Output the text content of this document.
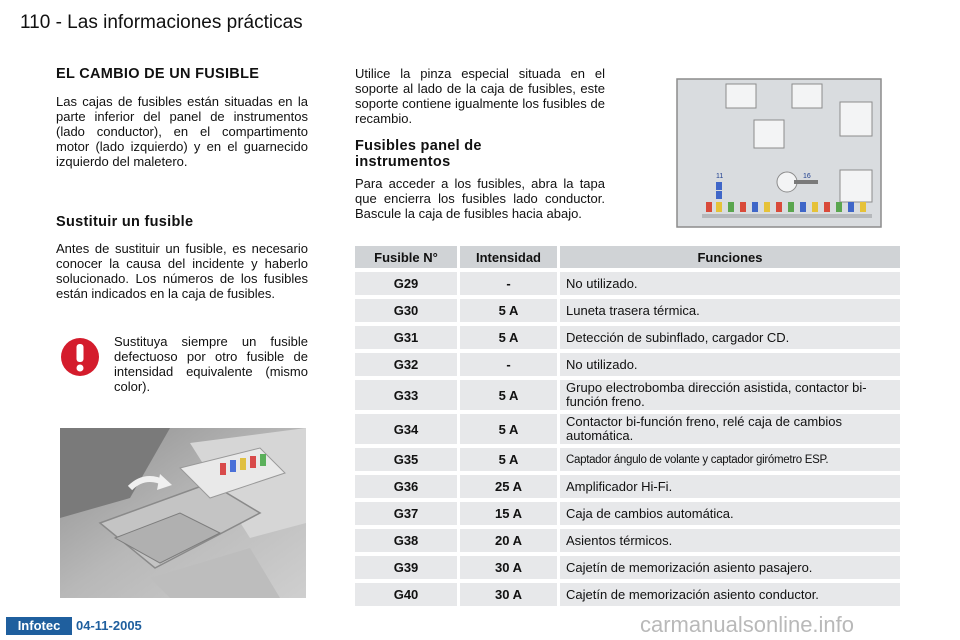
110 - Las informaciones prácticas
EL CAMBIO DE UN FUSIBLE
Las cajas de fusibles están situadas en la parte inferior del panel de instrumentos (lado conductor), en el compartimento motor (lado izquierdo) y en el guarnecido izquierdo del maletero.
Sustituir un fusible
Antes de sustituir un fusible, es necesario conocer la causa del incidente y haberlo solucionado. Los números de los fusibles están indicados en la caja de fusibles.
Sustituya siempre un fusible defectuoso por otro fusible de intensidad equivalente (mismo color).
Utilice la pinza especial situada en el soporte al lado de la caja de fusibles, este soporte contiene igualmente los fusibles de recambio.
Fusibles panel de
instrumentos
Para acceder a los fusibles, abra la tapa que encierra los fusibles lado conductor. Bascule la caja de fusibles hacia abajo.
11	16
Fusible N°	Intensidad	Funciones
G29	-	No utilizado.
G30	5 A	Luneta trasera térmica.
G31	5 A	Detección de subinflado, cargador CD.
G32	-	No utilizado.
G33	5 A	Grupo electrobomba dirección asistida, contactor bi-función freno.
G34	5 A	Contactor bi-función freno, relé caja de cambios automática.
G35	5 A	Captador ángulo de volante y captador girómetro ESP.
G36	25 A	Amplificador Hi-Fi.
G37	15 A	Caja de cambios automática.
G38	20 A	Asientos térmicos.
G39	30 A	Cajetín de memorización asiento pasajero.
G40	30 A	Cajetín de memorización asiento conductor.
Infotec	04-11-2005	carmanualsonline.info
